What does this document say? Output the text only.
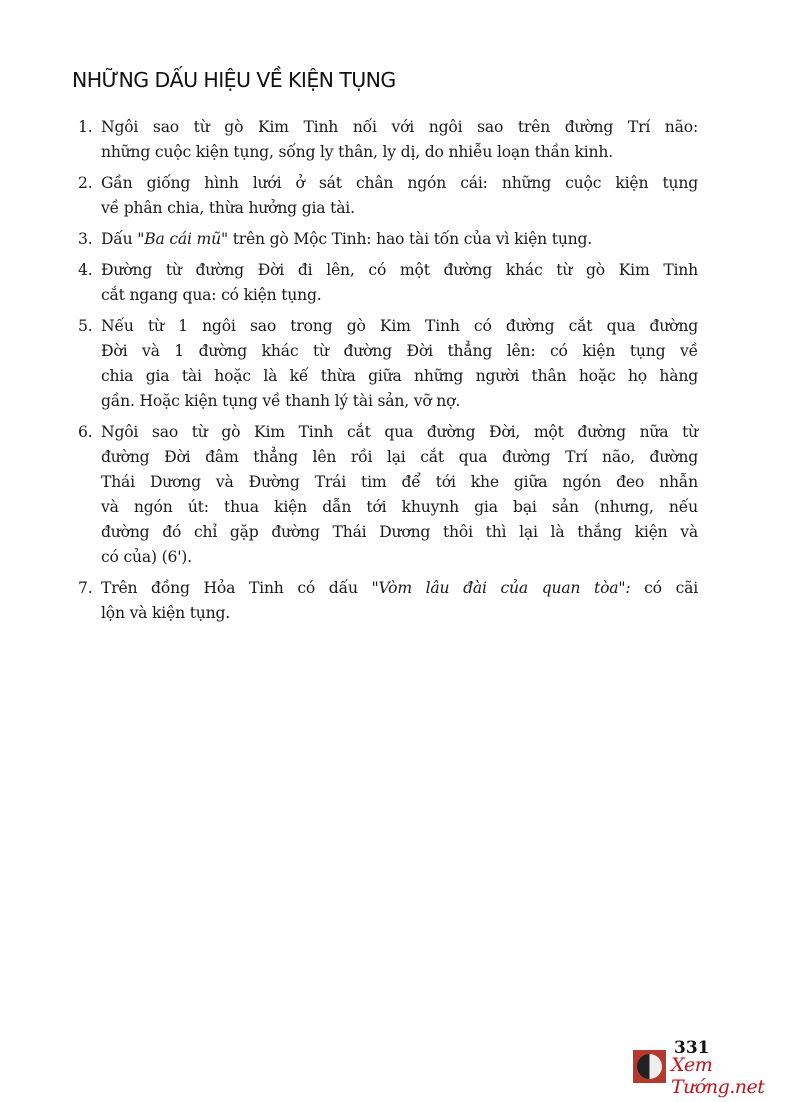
NHỮNG DẤU HIỆU VỀ KIỆN TỤNG
1. Ngôi sao từ gò Kim Tinh nối với ngôi sao trên đường Trí não:
những cuộc kiện tụng, sống ly thân, ly dị, do nhiễu loạn thần kinh.
2. Gần giống hình lưới ở sát chân ngón cái: những cuộc kiện tụng
về phân chia, thừa hưởng gia tài.
3. Dấu "Ba cái mũ" trên gò Mộc Tinh: hao tài tốn của vì kiện tụng.
4. Đường từ đường Đời đi lên, có một đường khác từ gò Kim Tinh
cắt ngang qua: có kiện tụng.
5. Nếu từ 1 ngôi sao trong gò Kim Tinh có đường cắt qua đường
Đời và 1 đường khác từ đường Đời thẳng lên: có kiện tụng về
chia gia tài hoặc là kế thừa giữa những người thân hoặc họ hàng
gần. Hoặc kiện tụng về thanh lý tài sản, vỡ nợ.
6. Ngôi sao từ gò Kim Tinh cắt qua đường Đời, một đường nữa từ
đường Đời đâm thẳng lên rồi lại cắt qua đường Trí não, đường
Thái Dương và Đường Trái tim để tới khe giữa ngón đeo nhẫn
và ngón út: thua kiện dẫn tới khuynh gia bại sản (nhưng, nếu
đường đó chỉ gặp đường Thái Dương thôi thì lại là thắng kiện và
có của) (6').
7. Trên đồng Hỏa Tinh có dấu "Vòm lâu đài của quan tòa": có cãi
lộn và kiện tụng.
331
Xem Tướng.net
